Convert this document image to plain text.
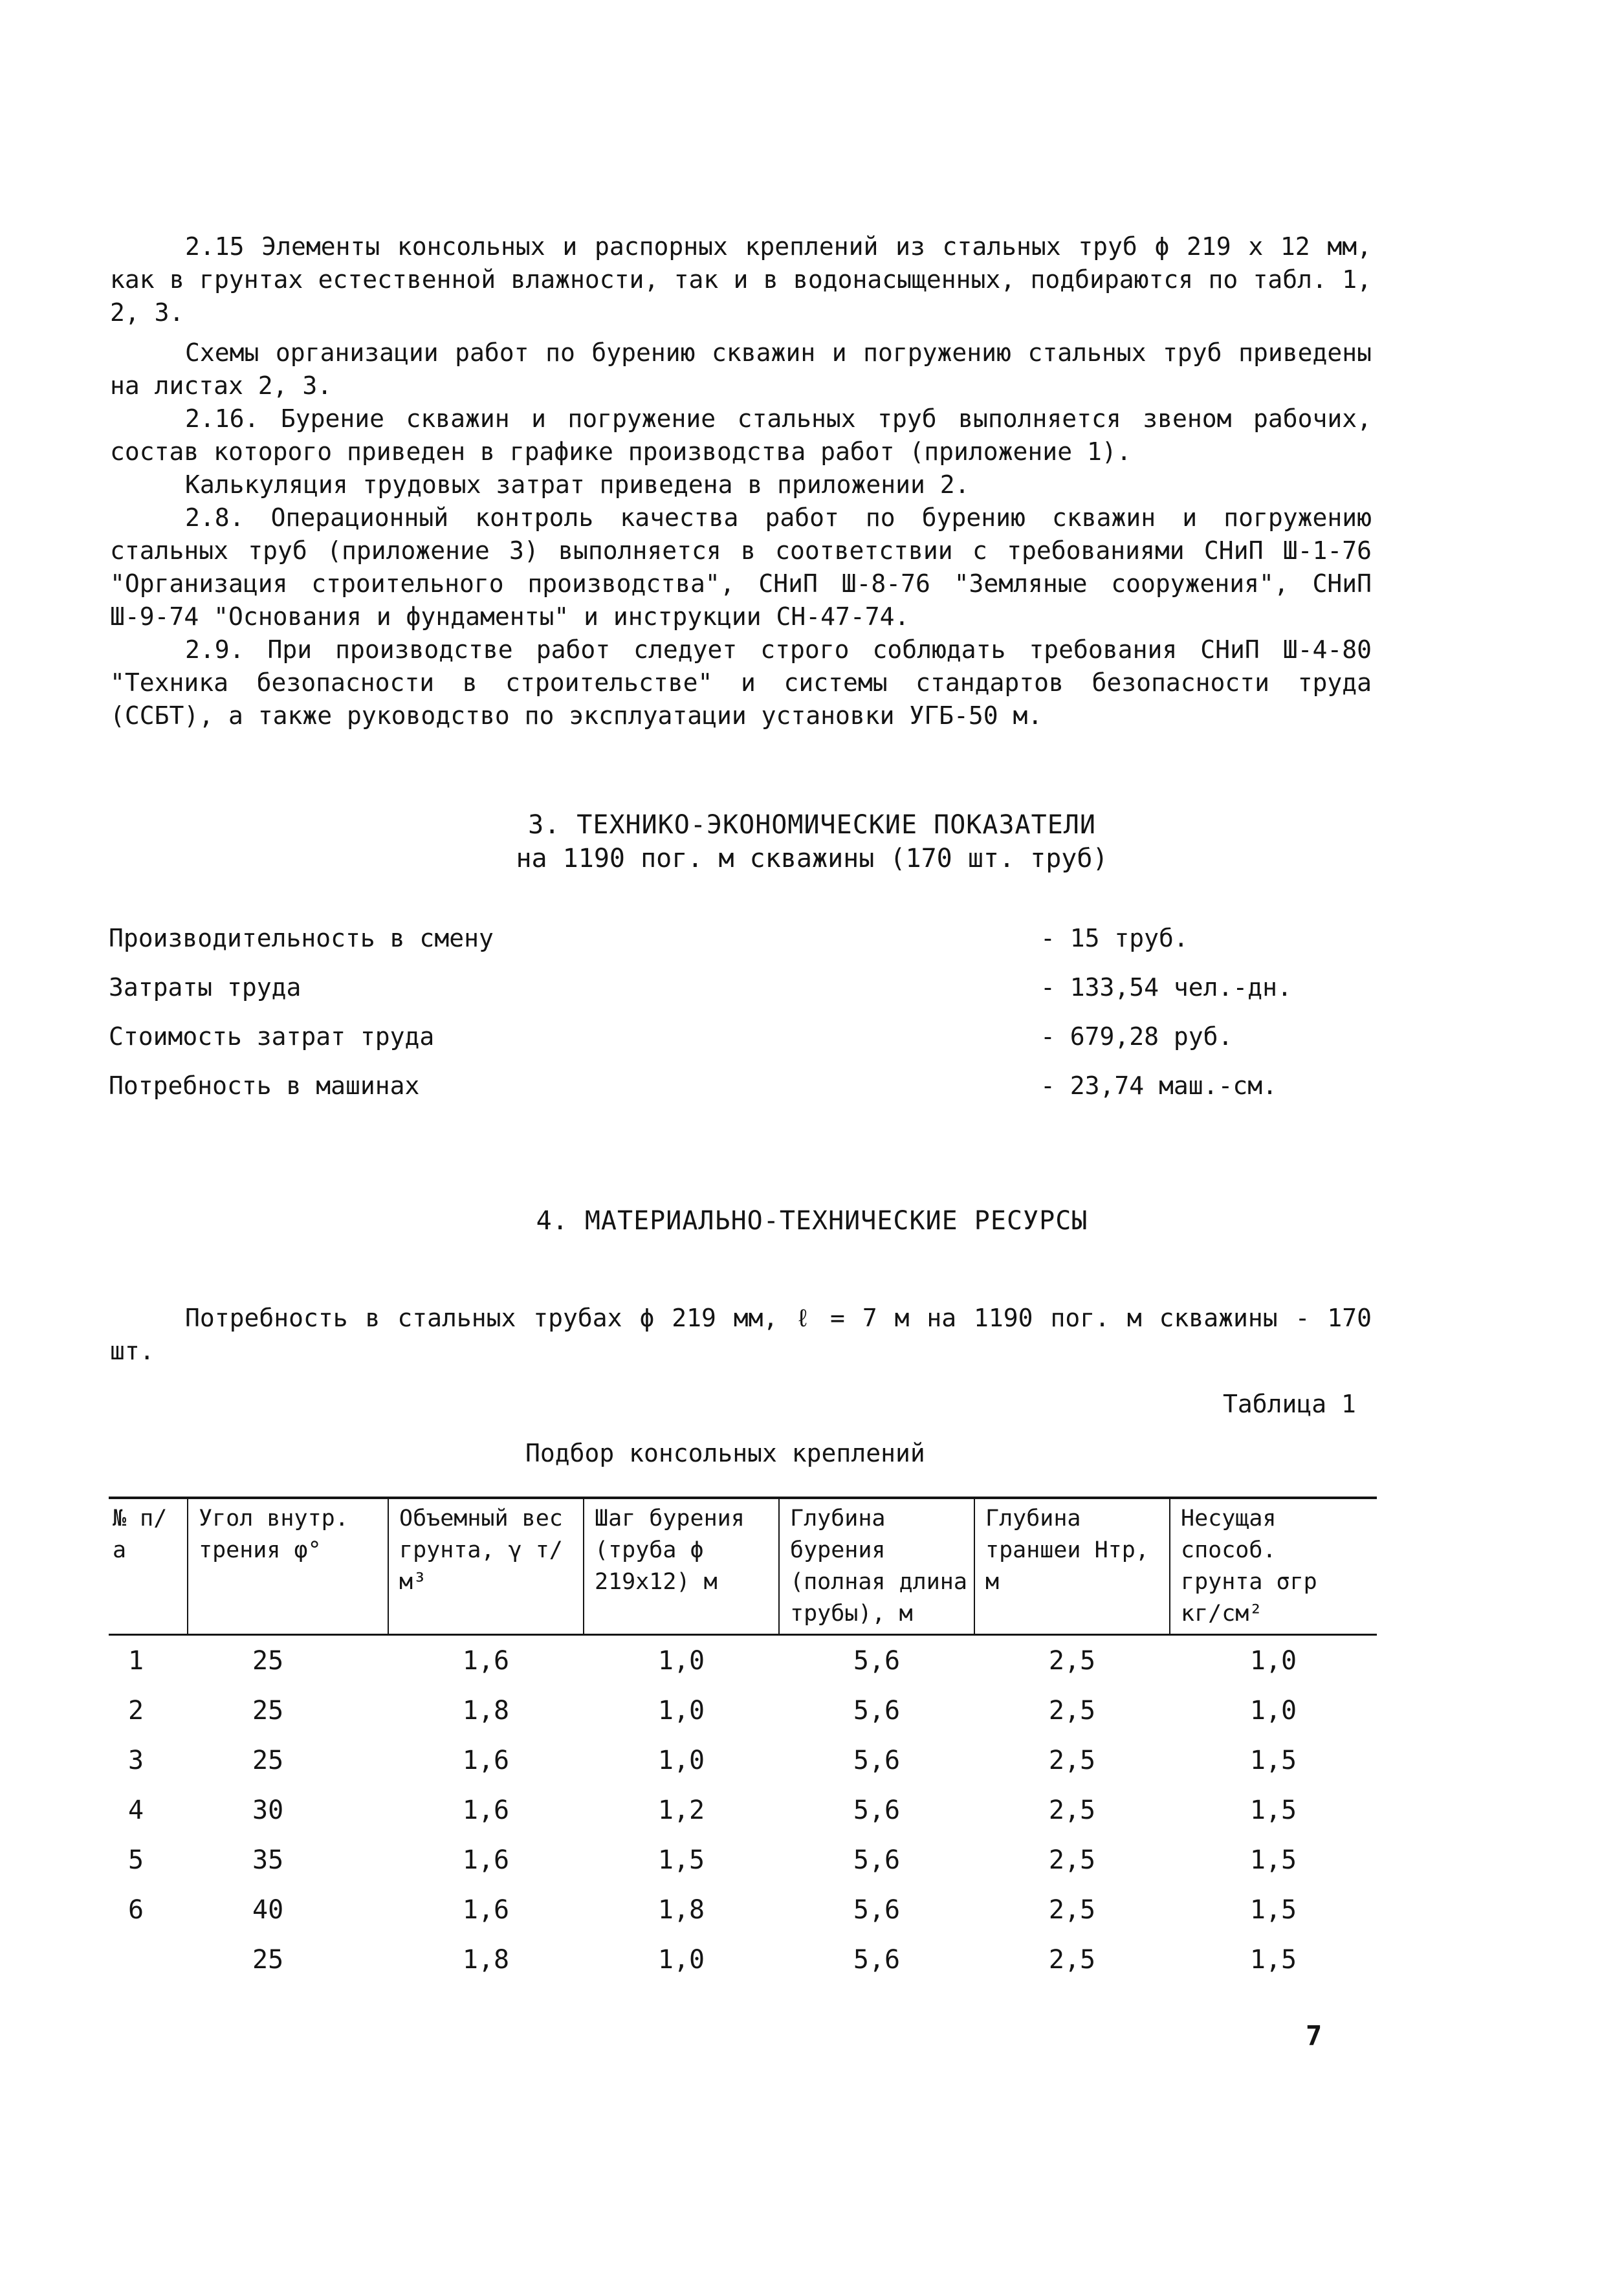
2.15 Элементы консольных и распорных креплений из стальных труб ϕ 219 х 12 мм, как в грунтах естественной влажности, так и в водонасыщенных, подбираются по табл. 1, 2, 3.

Схемы организации работ по бурению скважин и погружению стальных труб приведены на листах 2, 3.

2.16. Бурение скважин и погружение стальных труб выполняется звеном рабочих, состав которого приведен в графике производства работ (приложение 1).

Калькуляция трудовых затрат приведена в приложении 2.

2.8. Операционный контроль качества работ по бурению скважин и погружению стальных труб (приложение 3) выполняется в соответствии с требованиями СНиП Ш-1-76 "Организация строительного производства", СНиП Ш-8-76 "Земляные сооружения", СНиП Ш-9-74 "Основания и фундаменты" и инструкции СН-47-74.

2.9. При производстве работ следует строго соблюдать требования СНиП Ш-4-80 "Техника безопасности в строительстве" и системы стандартов безопасности труда (ССБТ), а также руководство по эксплуатации установки УГБ-50 м.

3. ТЕХНИКО-ЭКОНОМИЧЕСКИЕ ПОКАЗАТЕЛИ
на 1190 пог. м скважины (170 шт. труб)
Производительность в смену	- 15 труб.
Затраты труда	- 133,54 чел.-дн.
Стоимость затрат труда	- 679,28 руб.
Потребность в машинах	- 23,74 маш.-см.
4. МАТЕРИАЛЬНО-ТЕХНИЧЕСКИЕ РЕСУРСЫ

Потребность в стальных трубах ϕ 219 мм, ℓ = 7 м на 1190 пог. м скважины - 170 шт.

Таблица 1
Подбор консольных креплений
№ п/а	Угол внутр. трения φ°	Объемный вес грунта, γ т/м³	Шаг бурения (труба ϕ 219х12) м	Глубина бурения (полная длина трубы), м	Глубина траншеи Нтр, м	Несущая способ. грунта σгр кг/см²
1	25	1,6	1,0	5,6	2,5	1,0
2	25	1,8	1,0	5,6	2,5	1,0
3	25	1,6	1,0	5,6	2,5	1,5
4	30	1,6	1,2	5,6	2,5	1,5
5	35	1,6	1,5	5,6	2,5	1,5
6	40	1,6	1,8	5,6	2,5	1,5
	25	1,8	1,0	5,6	2,5	1,5
7
